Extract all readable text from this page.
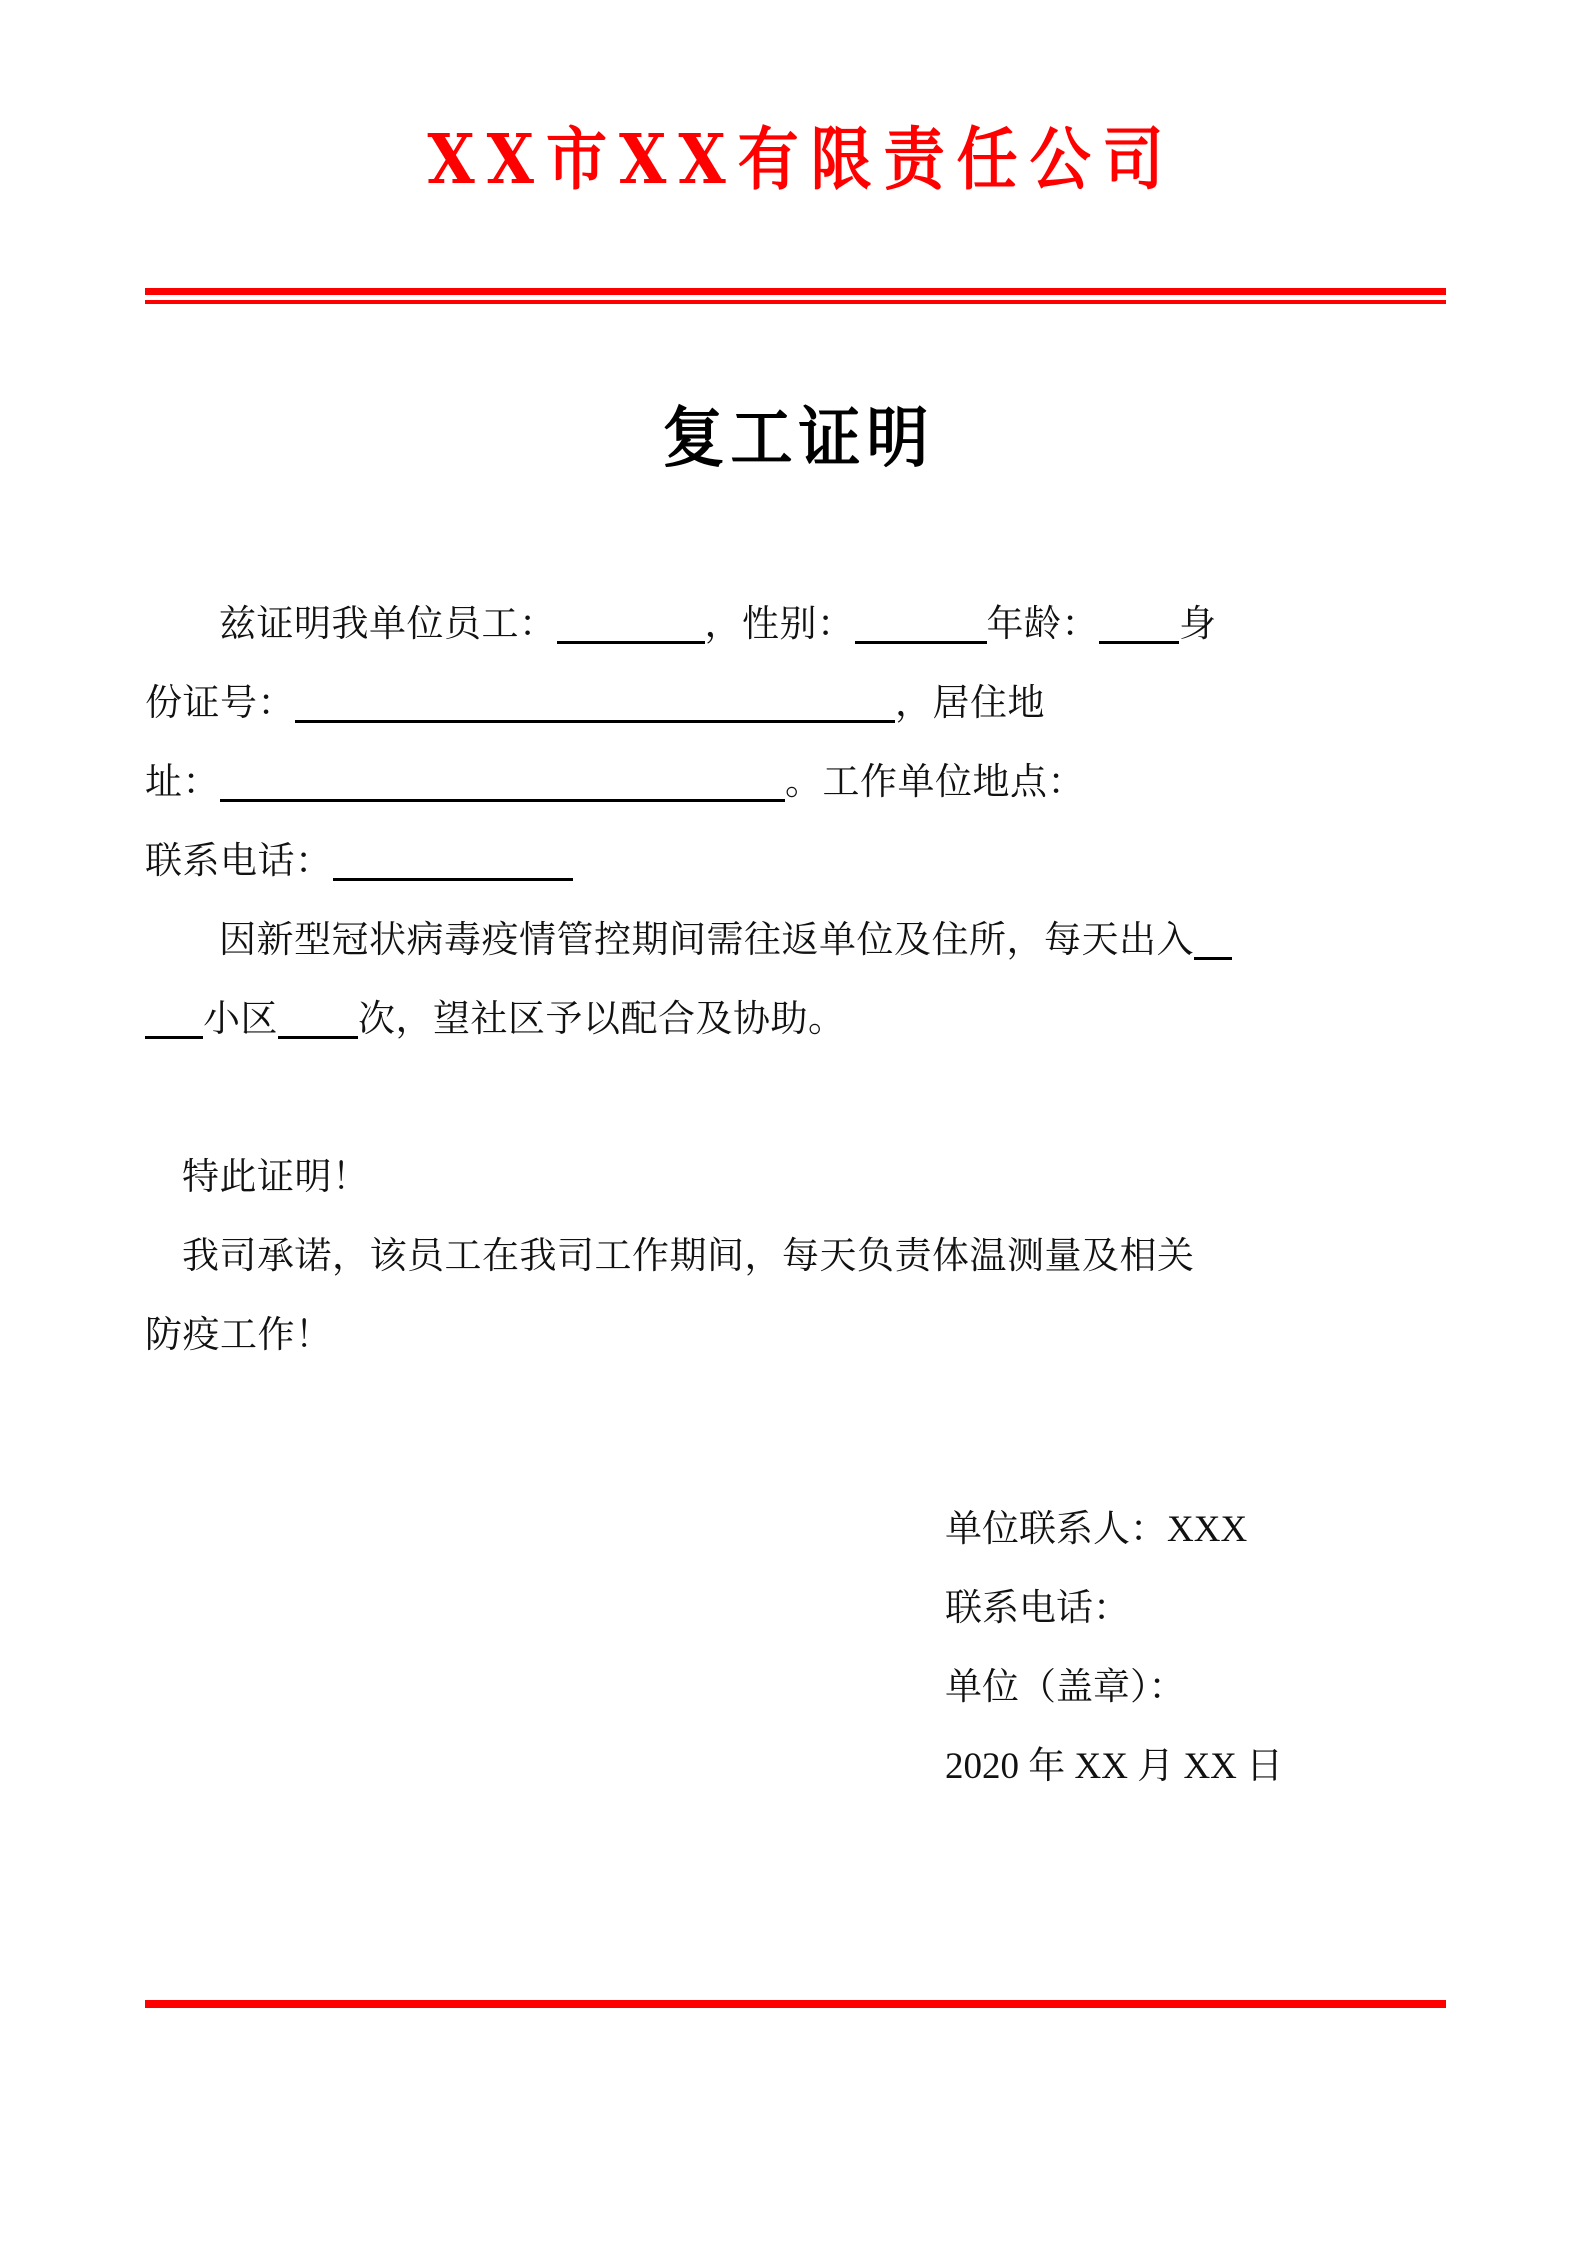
XX市XX有限责任公司
复工证明

兹证明我单位员工：	，性别：	年龄： 身

份证号：	，居住地

址：	。工作单位地点：

联系电话：

因新型冠状病毒疫情管控期间需往返单位及住所，每天出入

小区 次，望社区予以配合及协助。

特此证明！

我司承诺，该员工在我司工作期间，每天负责体温测量及相关

防疫工作！

单位联系人：XXX

联系电话：

单位（盖章）：

2020 年 XX 月 XX 日
